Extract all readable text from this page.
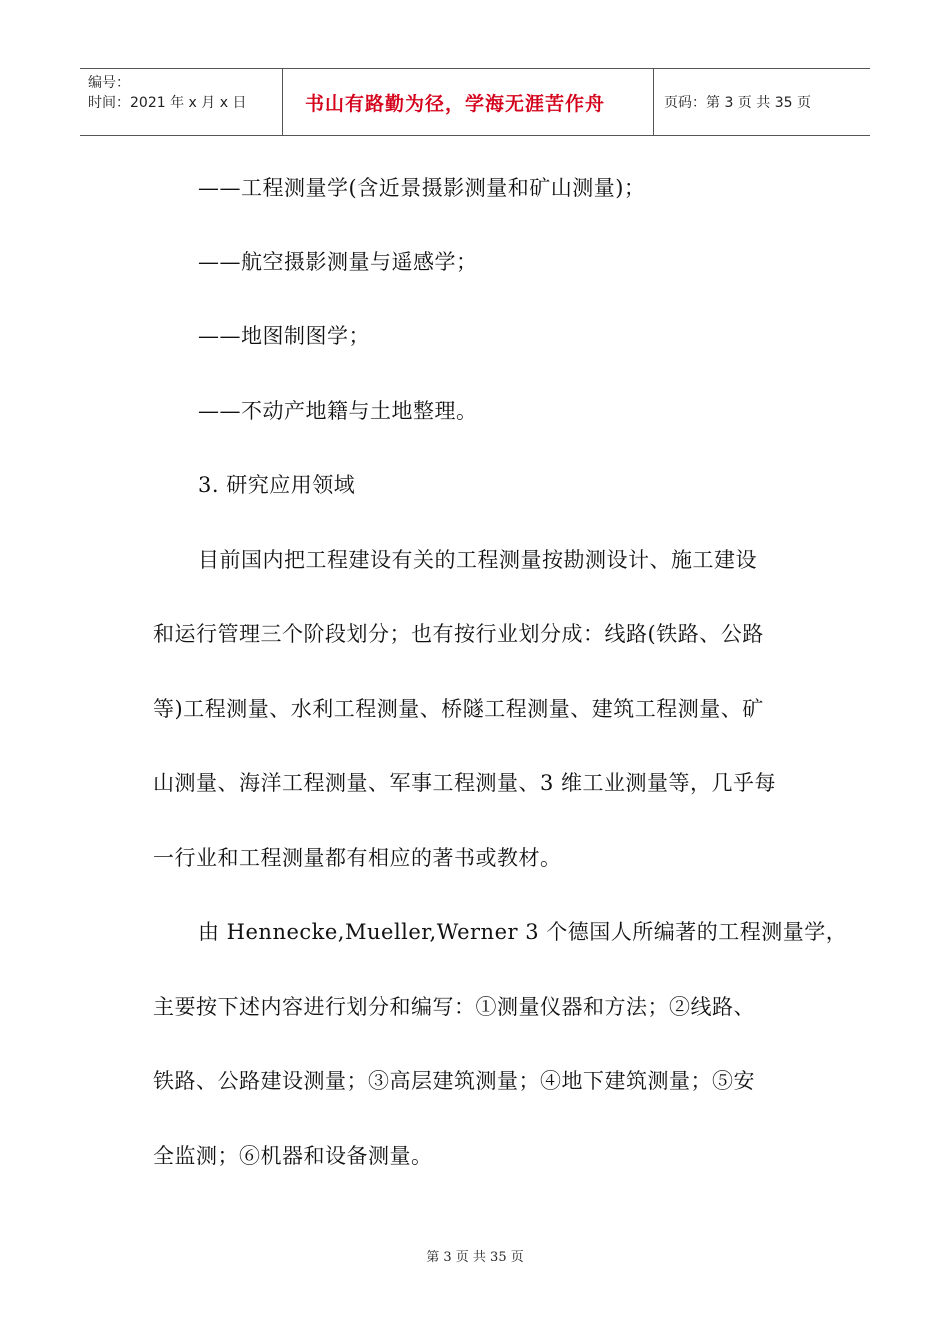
编号：
时间：2021 年 x 月 x 日	书山有路勤为径，学海无涯苦作舟	页码：第 3 页 共 35 页
——工程测量学(含近景摄影测量和矿山测量)；
——航空摄影测量与遥感学；
——地图制图学；
——不动产地籍与土地整理。
3. 研究应用领域
目前国内把工程建设有关的工程测量按勘测设计、施工建设
和运行管理三个阶段划分；也有按行业划分成：线路(铁路、公路
等)工程测量、水利工程测量、桥隧工程测量、建筑工程测量、矿
山测量、海洋工程测量、军事工程测量、3 维工业测量等，几乎每
一行业和工程测量都有相应的著书或教材。
由 Hennecke,Mueller,Werner 3 个德国人所编著的工程测量学，
主要按下述内容进行划分和编写：①测量仪器和方法；②线路、
铁路、公路建设测量；③高层建筑测量；④地下建筑测量；⑤安
全监测；⑥机器和设备测量。
第 3 页 共 35 页
